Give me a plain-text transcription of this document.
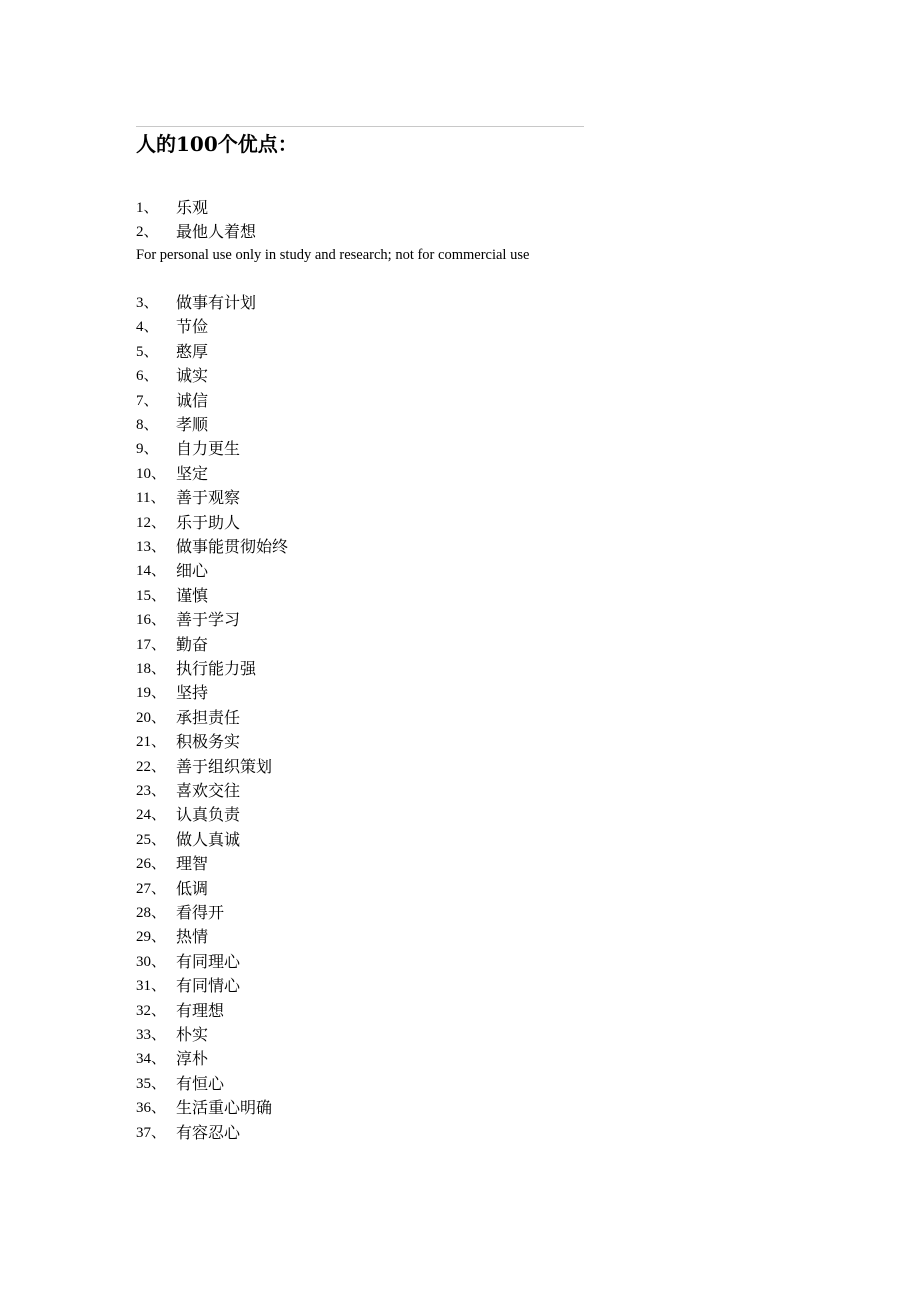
人的100个优点：
1、 乐观
2、 最他人着想
For personal use only in study and research; not for commercial use
3、 做事有计划
4、 节俭
5、 憨厚
6、 诚实
7、 诚信
8、 孝顺
9、 自力更生
10、 坚定
11、 善于观察
12、 乐于助人
13、 做事能贯彻始终
14、 细心
15、 谨慎
16、 善于学习
17、 勤奋
18、 执行能力强
19、 坚持
20、 承担责任
21、 积极务实
22、 善于组织策划
23、 喜欢交往
24、 认真负责
25、 做人真诚
26、 理智
27、 低调
28、 看得开
29、 热情
30、 有同理心
31、 有同情心
32、 有理想
33、 朴实
34、 淳朴
35、 有恒心
36、 生活重心明确
37、 有容忍心
